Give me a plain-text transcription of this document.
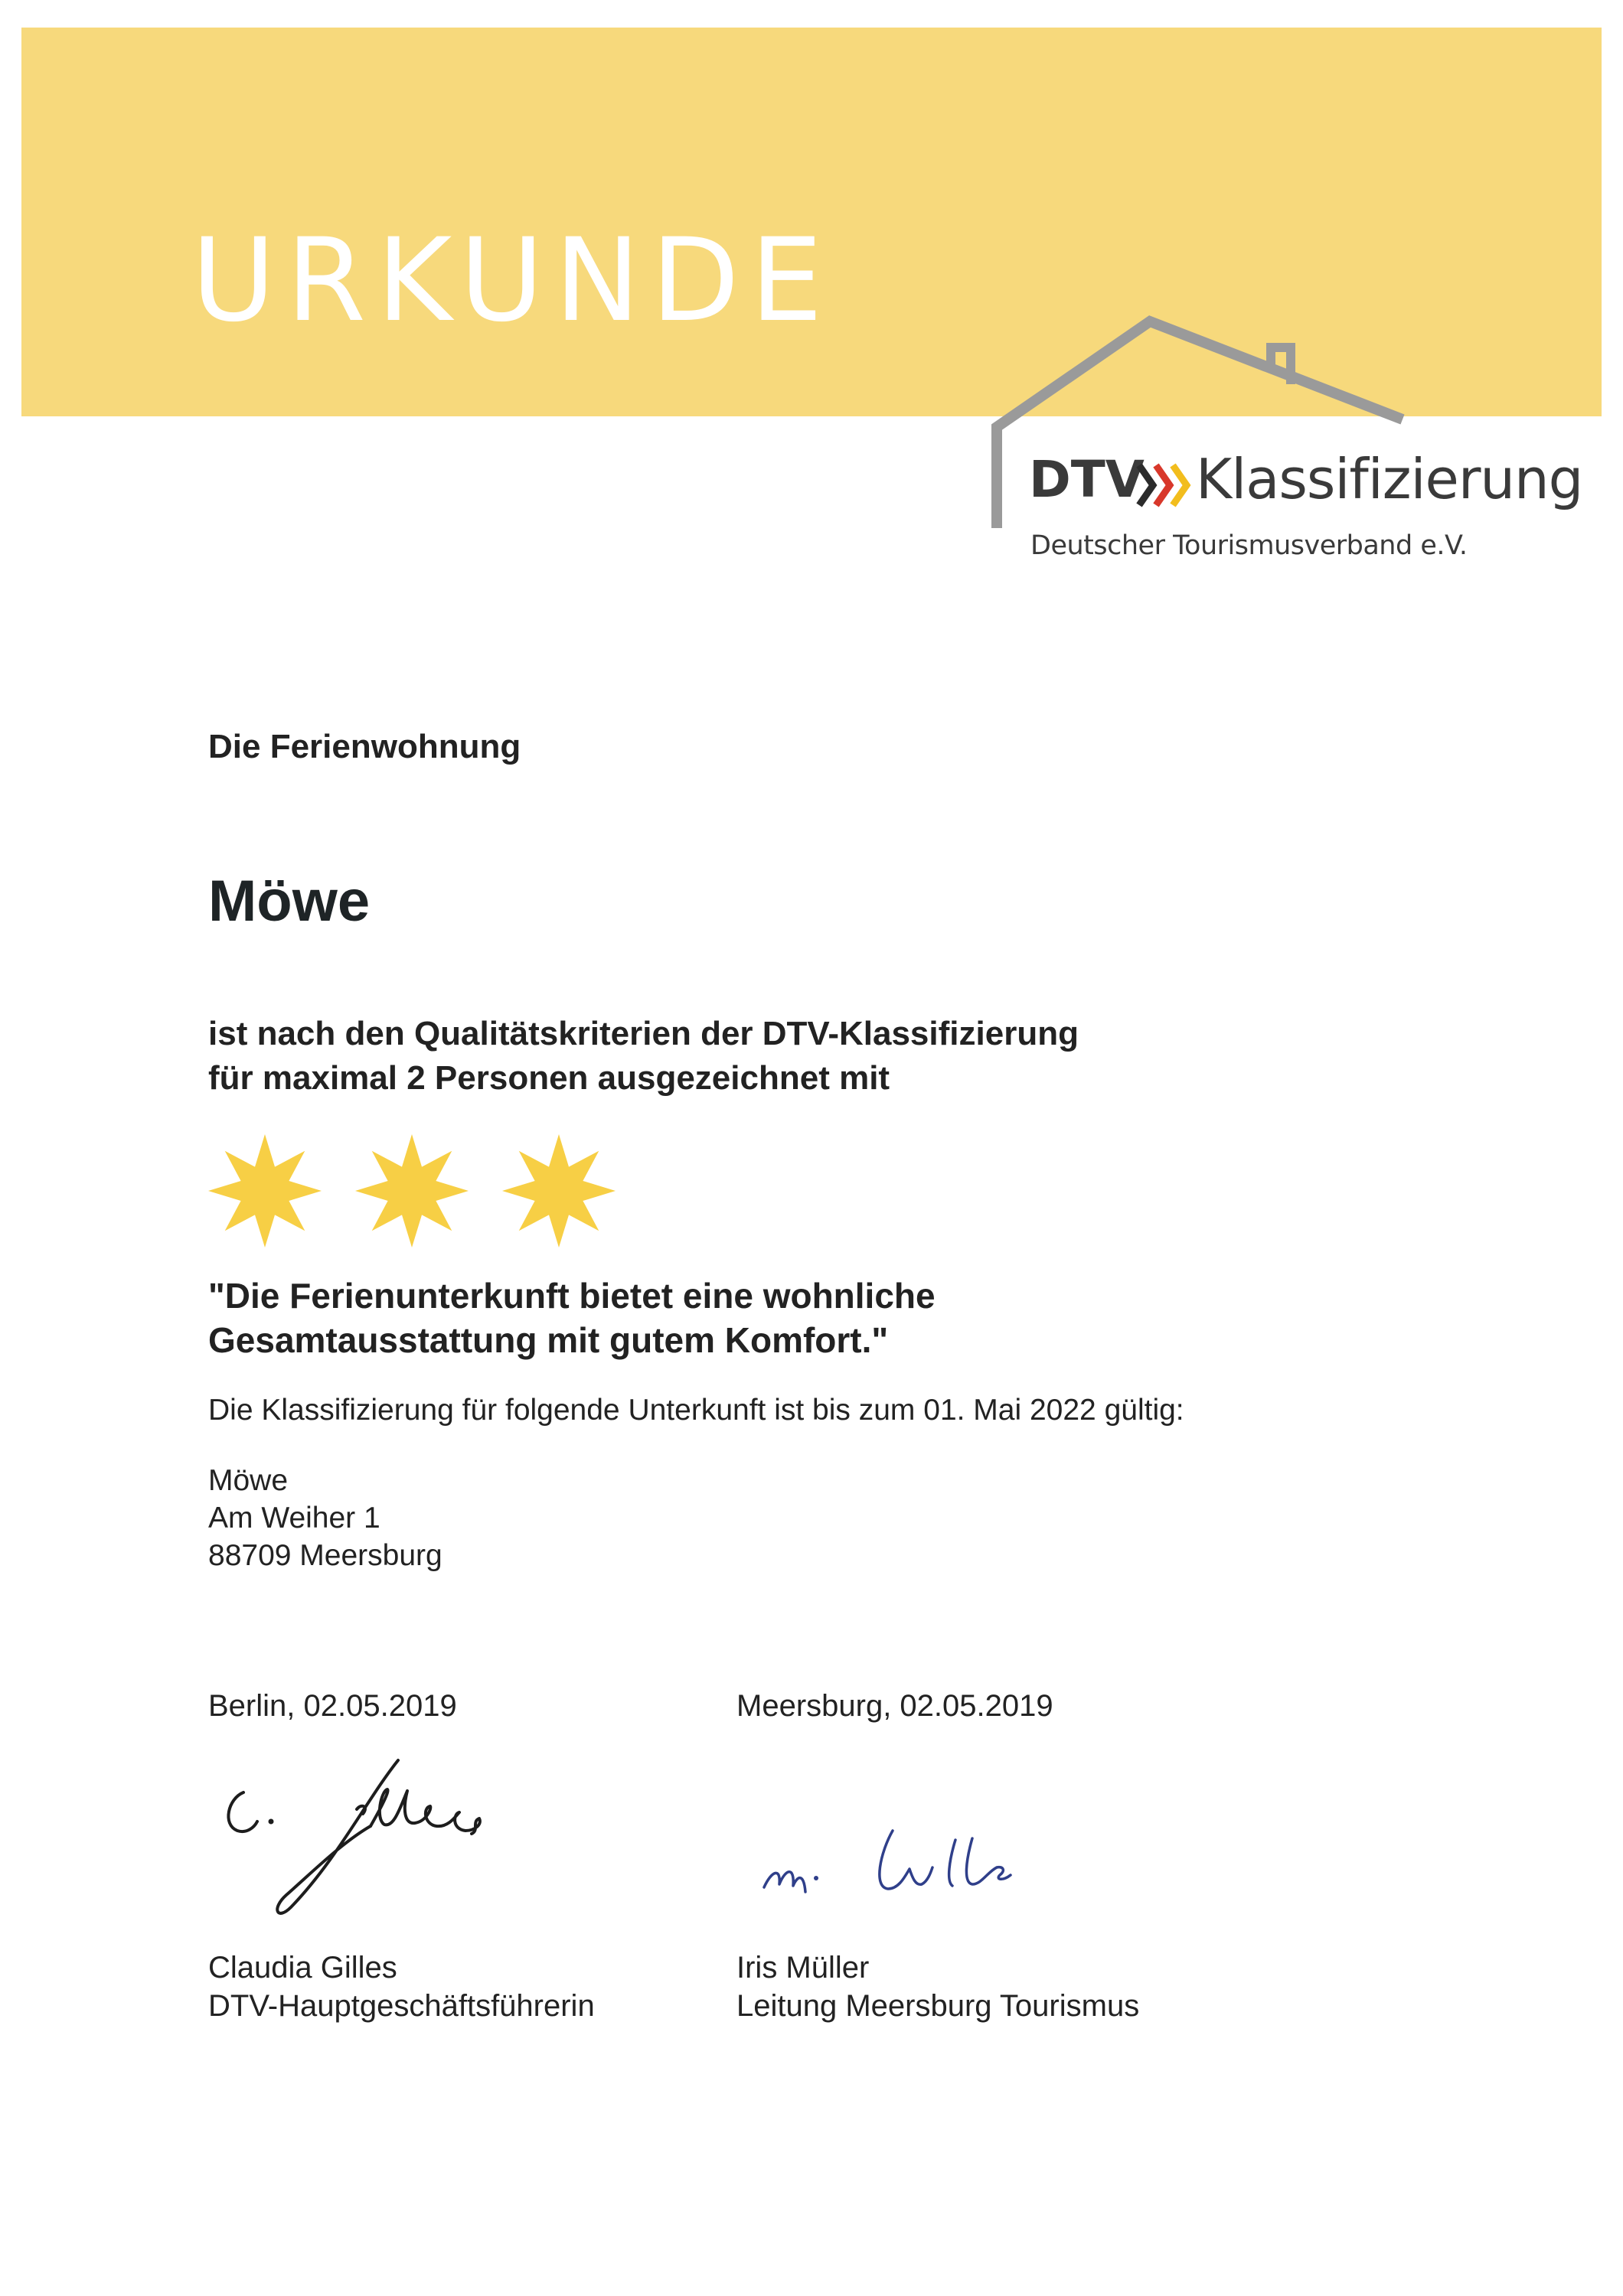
URKUNDE
DTV Klassifizierung
Deutscher Tourismusverband e.V.
Die Ferienwohnung
Möwe
ist nach den Qualitätskriterien der DTV-Klassifizierung
für maximal 2 Personen ausgezeichnet mit
"Die Ferienunterkunft bietet eine wohnliche
Gesamtausstattung mit gutem Komfort."
Die Klassifizierung für folgende Unterkunft ist bis zum 01. Mai 2022 gültig:
Möwe
Am Weiher 1
88709 Meersburg
Berlin, 02.05.2019	Meersburg, 02.05.2019
Claudia Gilles
DTV-Hauptgeschäftsführerin
Iris Müller
Leitung Meersburg Tourismus
